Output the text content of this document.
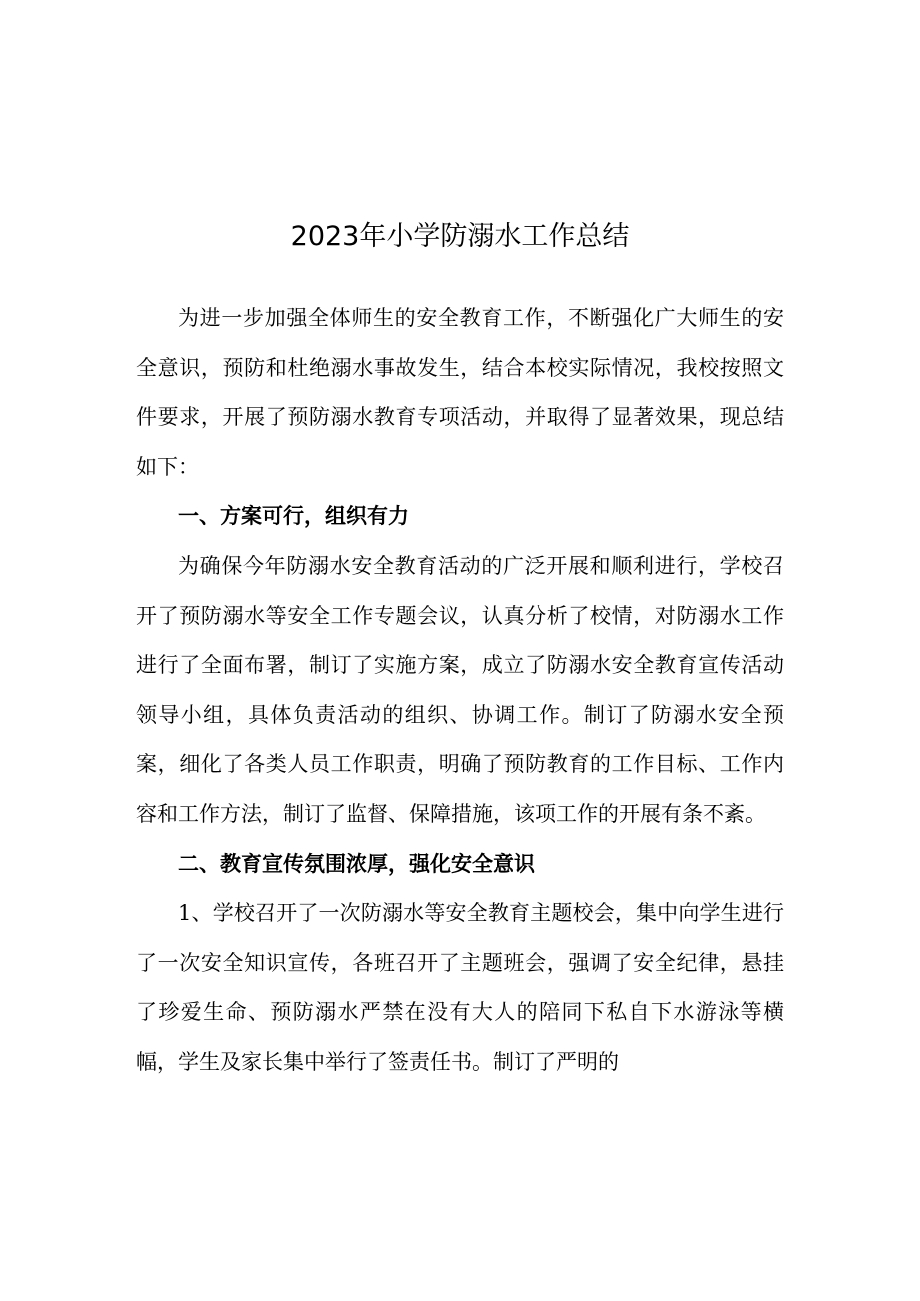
2023年小学防溺水工作总结

为进一步加强全体师生的安全教育工作，不断强化广大师生的安全意识，预防和杜绝溺水事故发生，结合本校实际情况，我校按照文件要求，开展了预防溺水教育专项活动，并取得了显著效果，现总结如下：

一、方案可行，组织有力

为确保今年防溺水安全教育活动的广泛开展和顺利进行，学校召开了预防溺水等安全工作专题会议，认真分析了校情，对防溺水工作进行了全面布署，制订了实施方案，成立了防溺水安全教育宣传活动领导小组，具体负责活动的组织、协调工作。制订了防溺水安全预案，细化了各类人员工作职责，明确了预防教育的工作目标、工作内容和工作方法，制订了监督、保障措施，该项工作的开展有条不紊。

二、教育宣传氛围浓厚，强化安全意识

1、学校召开了一次防溺水等安全教育主题校会，集中向学生进行了一次安全知识宣传，各班召开了主题班会，强调了安全纪律，悬挂了珍爱生命、预防溺水严禁在没有大人的陪同下私自下水游泳等横幅，学生及家长集中举行了签责任书。制订了严明的
